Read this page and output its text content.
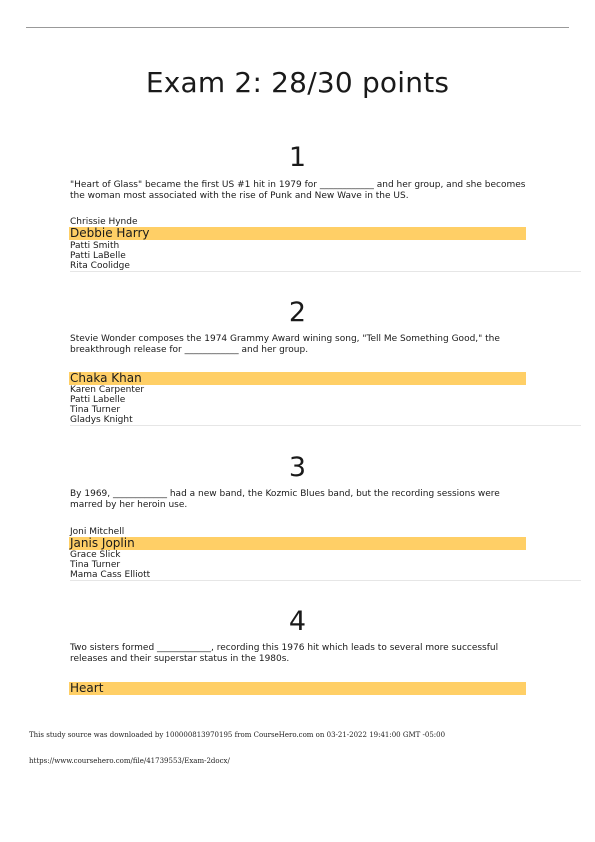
Exam 2: 28/30 points
1
"Heart of Glass" became the first US #1 hit in 1979 for ____________ and her group, and she becomes the woman most associated with the rise of Punk and New Wave in the US.
Chrissie Hynde
Debbie Harry
Patti Smith
Patti LaBelle
Rita Coolidge
2
Stevie Wonder composes the 1974 Grammy Award wining song, "Tell Me Something Good," the breakthrough release for ____________ and her group.
Chaka Khan
Karen Carpenter
Patti Labelle
Tina Turner
Gladys Knight
3
By 1969, ____________ had a new band, the Kozmic Blues band, but the recording sessions were marred by her heroin use.
Joni Mitchell
Janis Joplin
Grace Slick
Tina Turner
Mama Cass Elliott
4
Two sisters formed ____________, recording this 1976 hit which leads to several more successful releases and their superstar status in the 1980s.
Heart
This study source was downloaded by 100000813970195 from CourseHero.com on 03-21-2022 19:41:00 GMT -05:00
https://www.coursehero.com/file/41739553/Exam-2docx/
